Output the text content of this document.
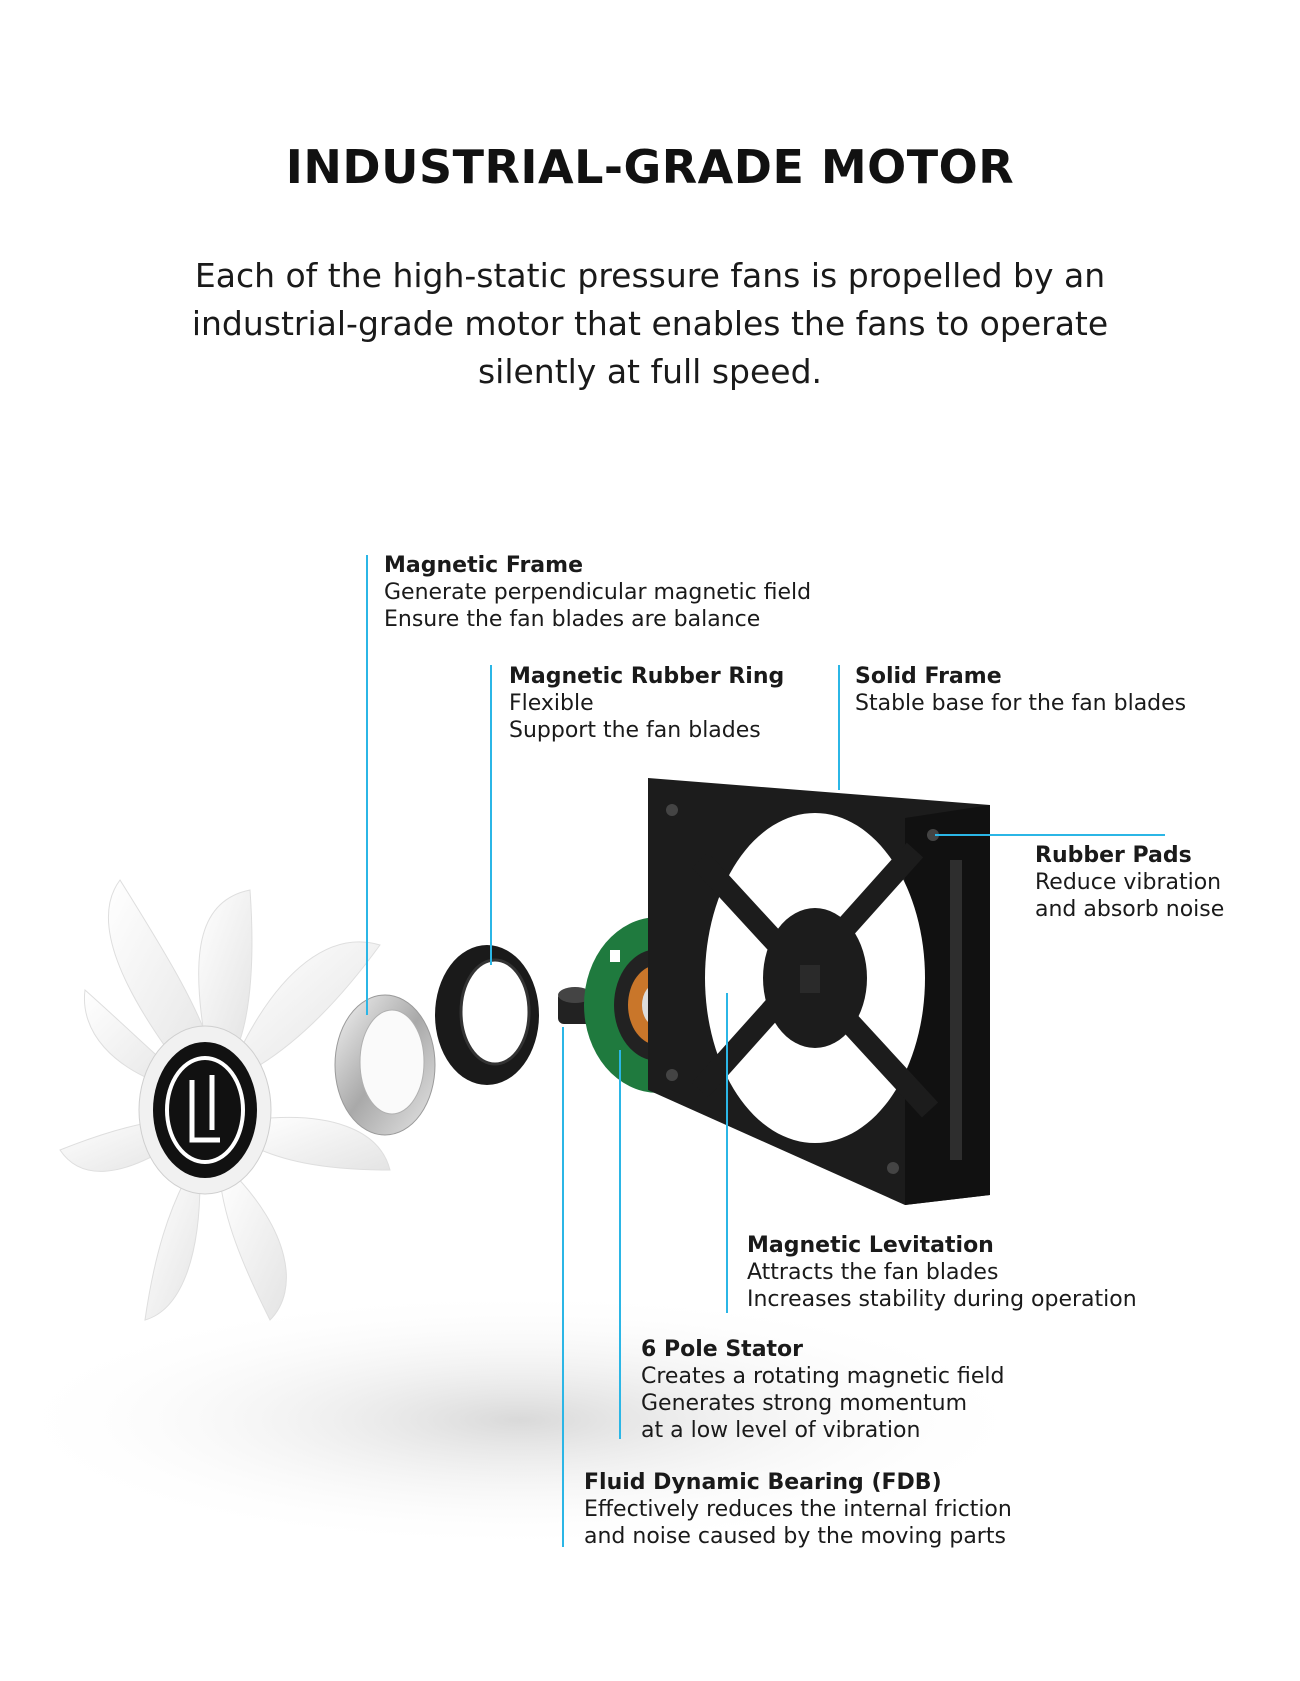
INDUSTRIAL-GRADE MOTOR
Each of the high-static pressure fans is propelled by an
industrial-grade motor that enables the fans to operate
silently at full speed.
Magnetic Frame
Generate perpendicular magnetic field
Ensure the fan blades are balance
Magnetic Rubber Ring
Flexible
Support the fan blades
Solid Frame
Stable base for the fan blades
Rubber Pads
Reduce vibration
and absorb noise
Magnetic Levitation
Attracts the fan blades
Increases stability during operation
6 Pole Stator
Creates a rotating magnetic field
Generates strong momentum
at a low level of vibration
Fluid Dynamic Bearing (FDB)
Effectively reduces the internal friction
and noise caused by the moving parts
